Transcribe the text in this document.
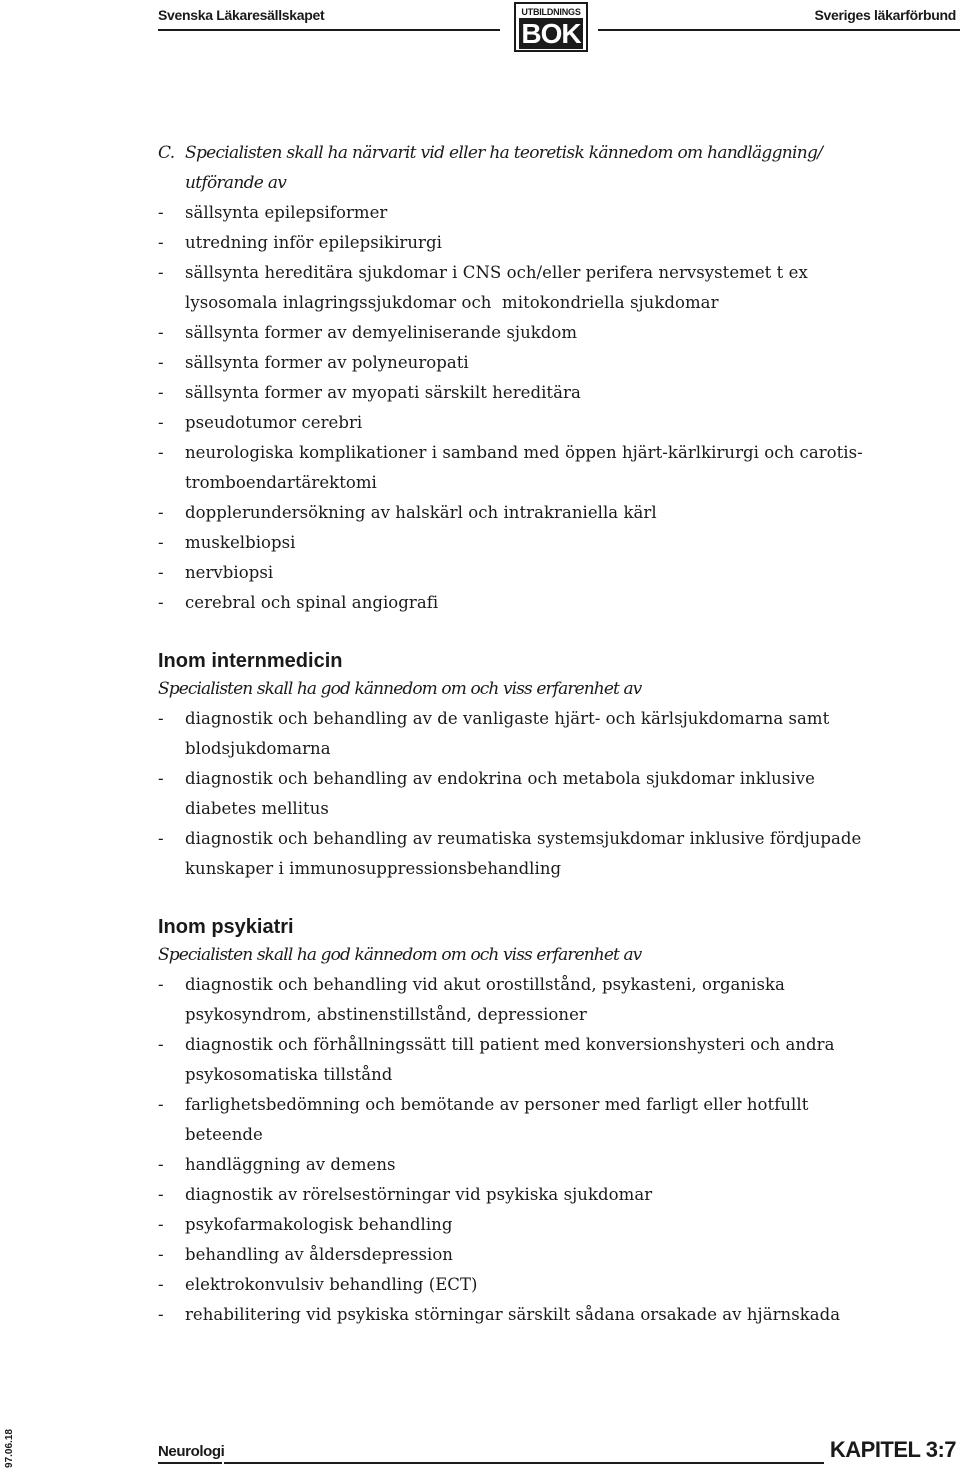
Svenska Läkaresällskapet	UTBILDNINGS
BOK
Sveriges läkarförbund
C. Specialisten skall ha närvarit vid eller ha teoretisk kännedom om handläggning/
utförande av
- sällsynta epilepsiformer
- utredning inför epilepsikirurgi
- sällsynta hereditära sjukdomar i CNS och/eller perifera nervsystemet t ex
lysosomala inlagringssjukdomar och  mitokondriella sjukdomar
- sällsynta former av demyeliniserande sjukdom
- sällsynta former av polyneuropati
- sällsynta former av myopati särskilt hereditära
- pseudotumor cerebri
- neurologiska komplikationer i samband med öppen hjärt-kärlkirurgi och carotis-
tromboendartärektomi
- dopplerundersökning av halskärl och intrakraniella kärl
- muskelbiopsi
- nervbiopsi
- cerebral och spinal angiografi
Inom internmedicin
Specialisten skall ha god kännedom om och viss erfarenhet av
- diagnostik och behandling av de vanligaste hjärt- och kärlsjukdomarna samt
blodsjukdomarna
- diagnostik och behandling av endokrina och metabola sjukdomar inklusive
diabetes mellitus
- diagnostik och behandling av reumatiska systemsjukdomar inklusive fördjupade
kunskaper i immunosuppressionsbehandling
Inom psykiatri
Specialisten skall ha god kännedom om och viss erfarenhet av
- diagnostik och behandling vid akut orostillstånd, psykasteni, organiska
psykosyndrom, abstinenstillstånd, depressioner
- diagnostik och förhållningssätt till patient med konversionshysteri och andra
psykosomatiska tillstånd
- farlighetsbedömning och bemötande av personer med farligt eller hotfullt
beteende
- handläggning av demens
- diagnostik av rörelsestörningar vid psykiska sjukdomar
- psykofarmakologisk behandling
- behandling av åldersdepression
- elektrokonvulsiv behandling (ECT)
- rehabilitering vid psykiska störningar särskilt sådana orsakade av hjärnskada
97.06.18	Neurologi	KAPITEL 3:7
